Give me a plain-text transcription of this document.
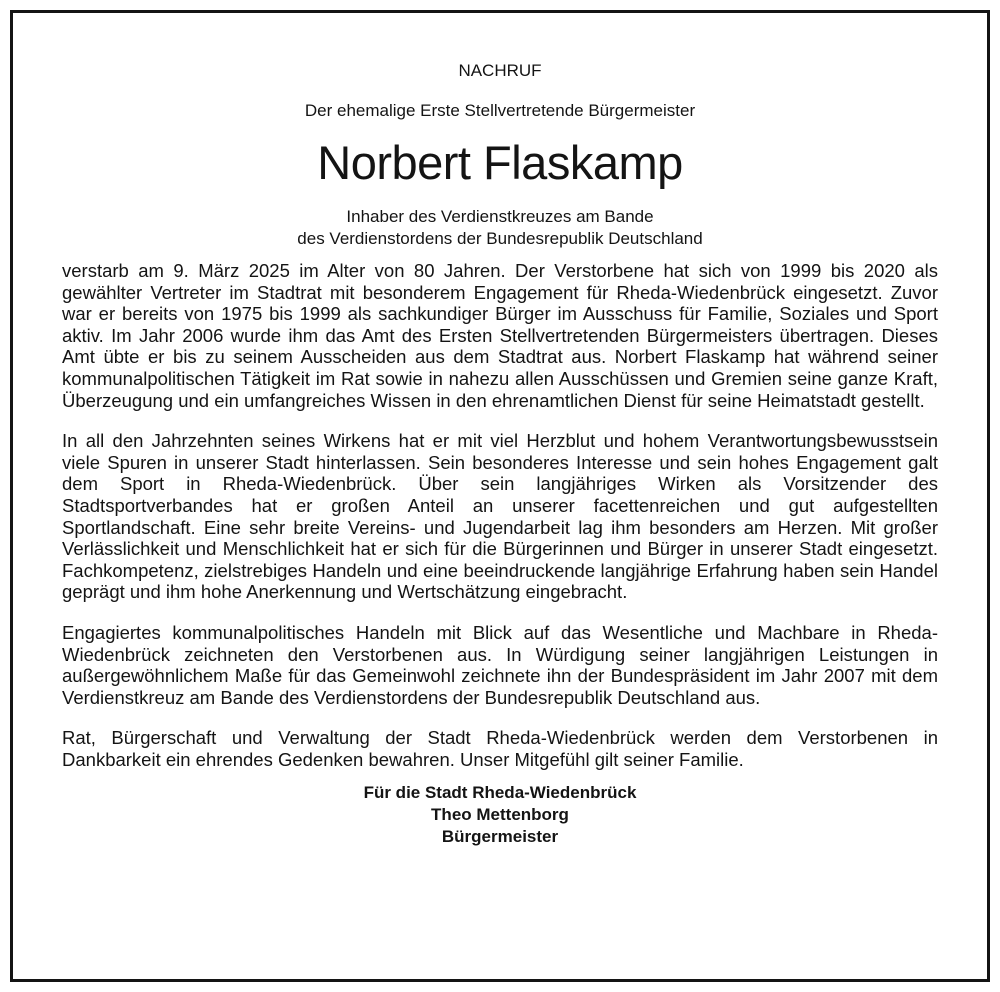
NACHRUF
Der ehemalige Erste Stellvertretende Bürgermeister
Norbert Flaskamp
Inhaber des Verdienstkreuzes am Bande
des Verdienstordens der Bundesrepublik Deutschland

verstarb am 9. März 2025 im Alter von 80 Jahren. Der Verstorbene hat sich von 1999 bis 2020 als gewählter Vertreter im Stadtrat mit besonderem Engagement für Rheda-Wiedenbrück eingesetzt. Zuvor war er bereits von 1975 bis 1999 als sachkundiger Bürger im Ausschuss für Familie, Soziales und Sport aktiv. Im Jahr 2006 wurde ihm das Amt des Ersten Stellvertretenden Bürgermeisters übertragen. Dieses Amt übte er bis zu seinem Ausscheiden aus dem Stadtrat aus. Norbert Flaskamp hat während seiner kommunalpolitischen Tätigkeit im Rat sowie in nahezu allen Ausschüssen und Gremien seine ganze Kraft, Überzeugung und ein umfangreiches Wissen in den ehrenamtlichen Dienst für seine Heimatstadt gestellt.

In all den Jahrzehnten seines Wirkens hat er mit viel Herzblut und hohem Verantwortungsbewusstsein viele Spuren in unserer Stadt hinterlassen. Sein besonderes Interesse und sein hohes Engagement galt dem Sport in Rheda-Wiedenbrück. Über sein langjähriges Wirken als Vorsitzender des Stadtsportverbandes hat er großen Anteil an unserer facettenreichen und gut aufgestellten Sportlandschaft. Eine sehr breite Vereins- und Jugendarbeit lag ihm besonders am Herzen. Mit großer Verlässlichkeit und Menschlichkeit hat er sich für die Bürgerinnen und Bürger in unserer Stadt eingesetzt. Fachkompetenz, zielstrebiges Handeln und eine beeindruckende langjährige Erfahrung haben sein Handel geprägt und ihm hohe Anerkennung und Wertschätzung eingebracht.

Engagiertes kommunalpolitisches Handeln mit Blick auf das Wesentliche und Machbare in Rheda-Wiedenbrück zeichneten den Verstorbenen aus. In Würdigung seiner langjährigen Leistungen in außergewöhnlichem Maße für das Gemeinwohl zeichnete ihn der Bundespräsident im Jahr 2007 mit dem Verdienstkreuz am Bande des Verdienstordens der Bundesrepublik Deutschland aus.

Rat, Bürgerschaft und Verwaltung der Stadt Rheda-Wiedenbrück werden dem Verstorbenen in Dankbarkeit ein ehrendes Gedenken bewahren. Unser Mitgefühl gilt seiner Familie.

Für die Stadt Rheda-Wiedenbrück
Theo Mettenborg
Bürgermeister
